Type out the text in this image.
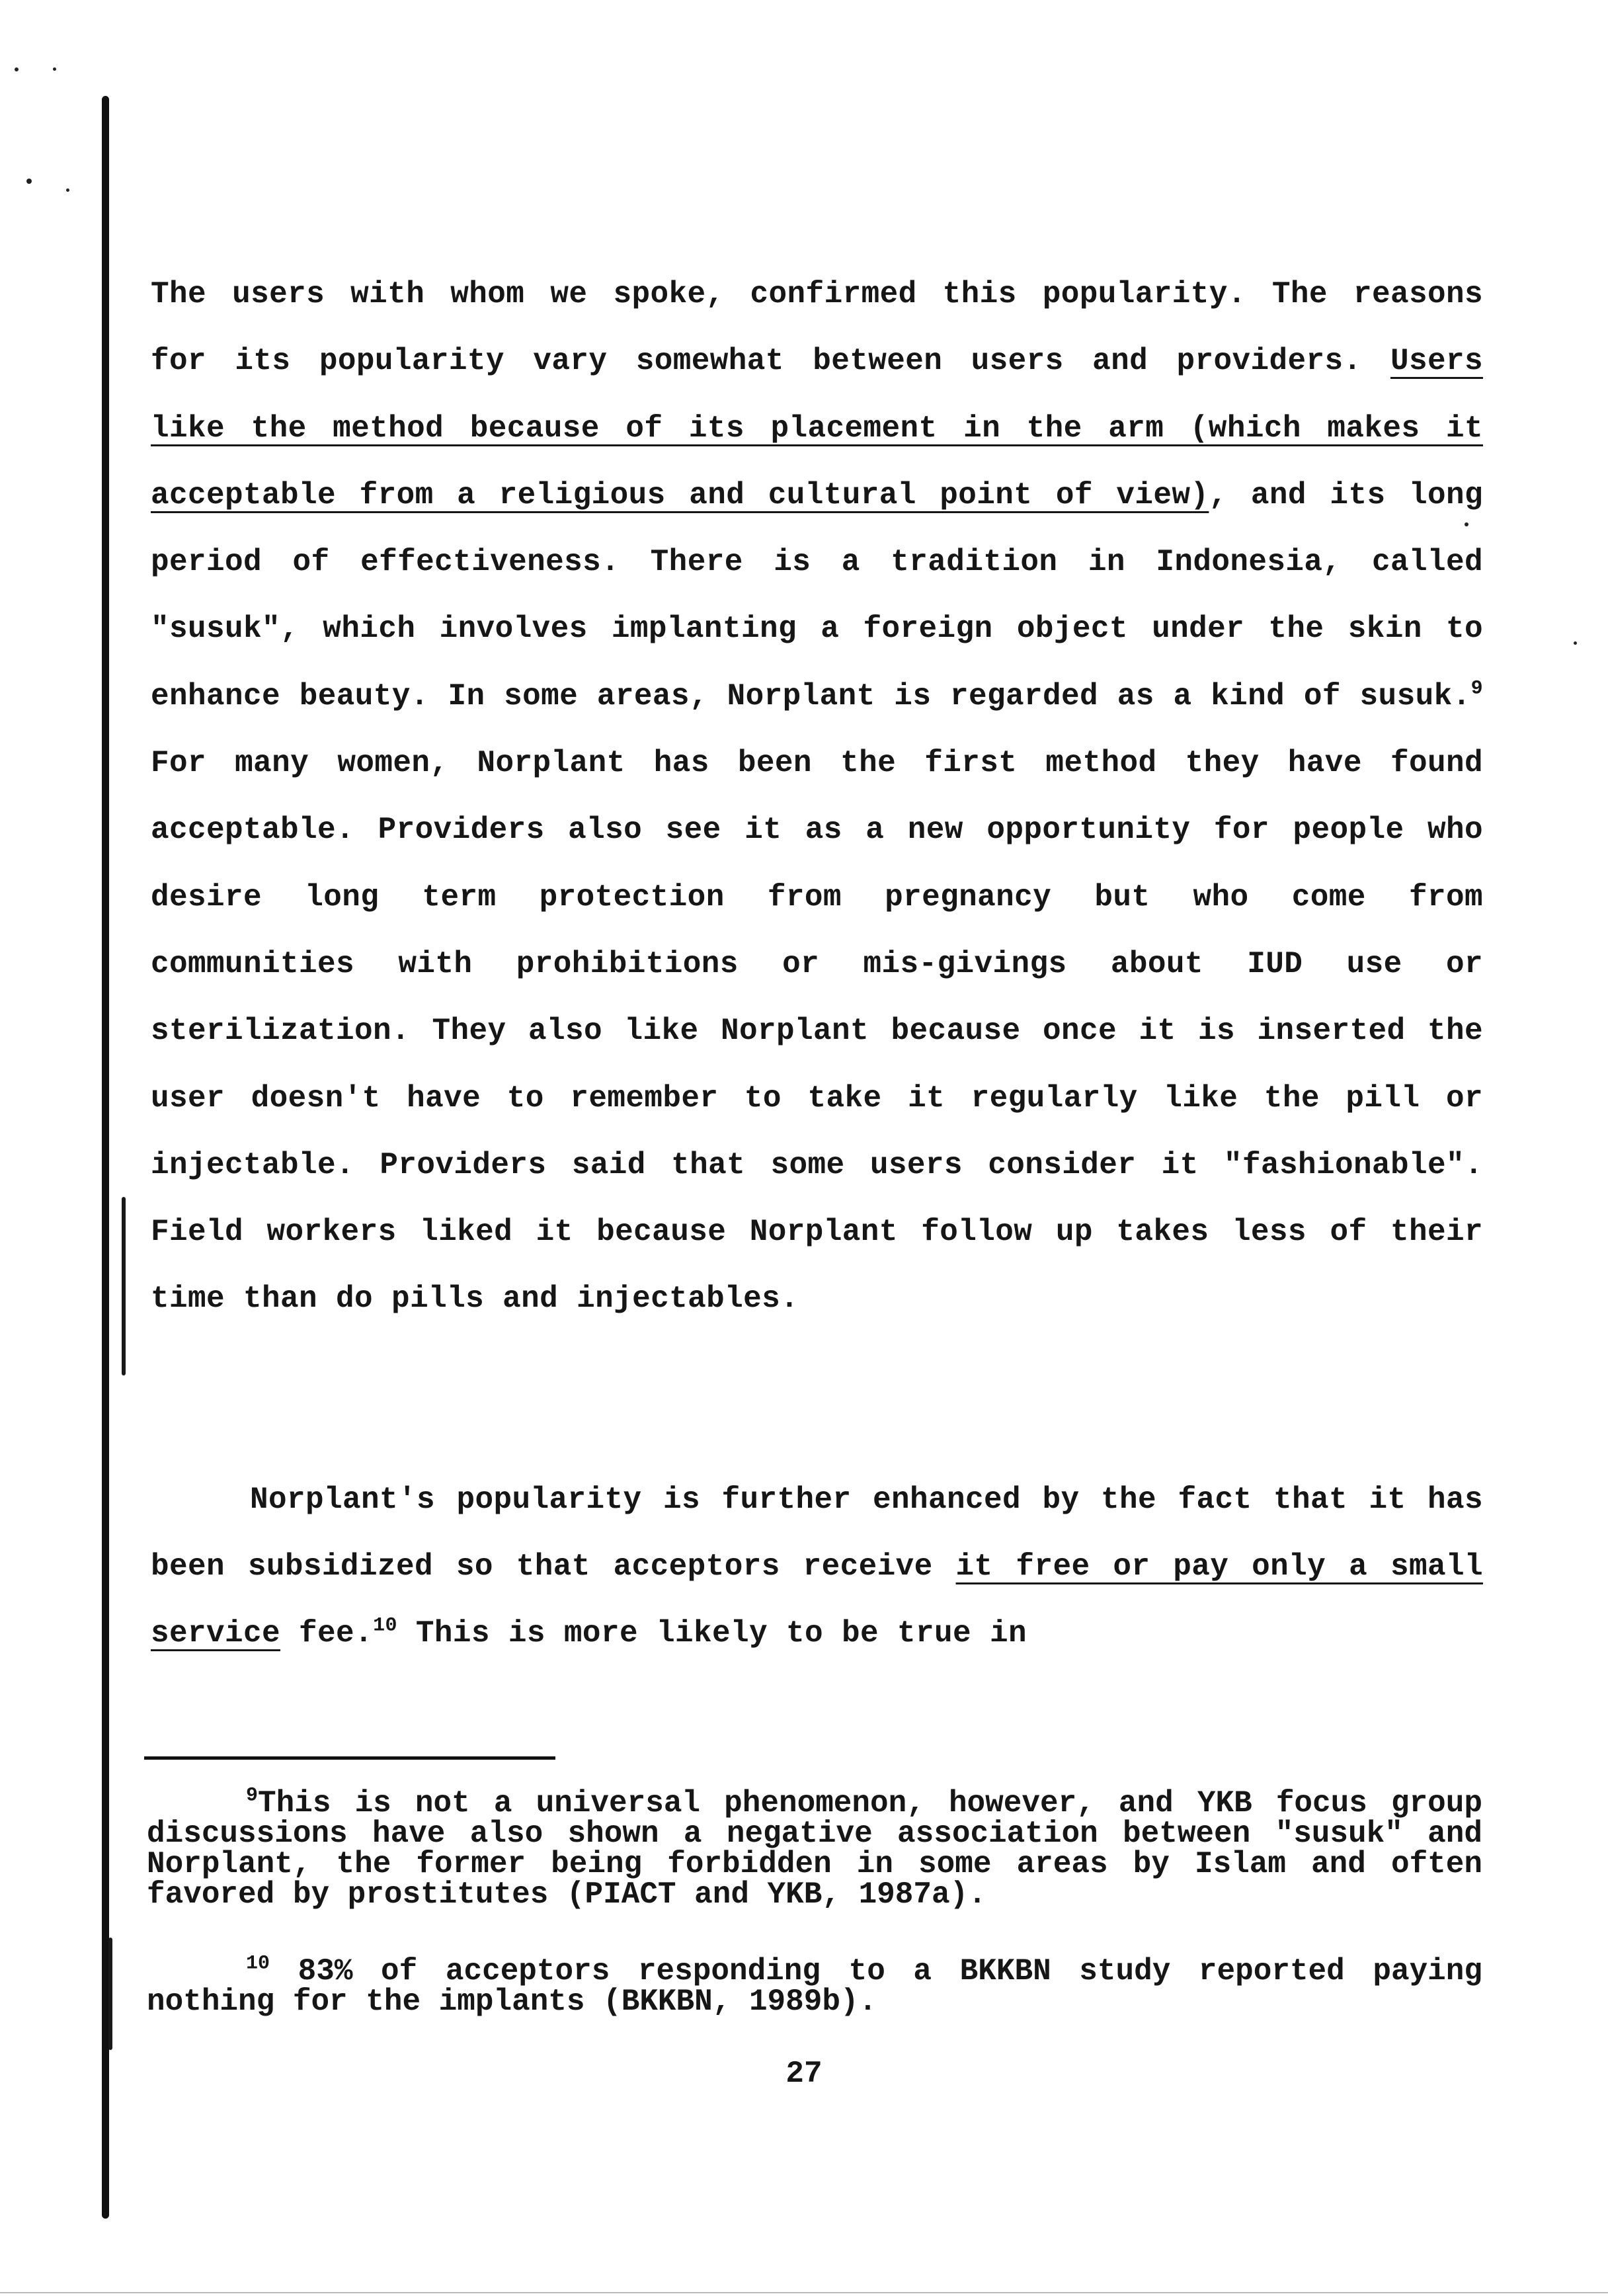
The users with whom we spoke, confirmed this popularity. The reasons for its popularity vary somewhat between users and providers. Users like the method because of its placement in the arm (which makes it acceptable from a religious and cultural point of view), and its long period of effectiveness. There is a tradition in Indonesia, called "susuk", which involves implanting a foreign object under the skin to enhance beauty. In some areas, Norplant is regarded as a kind of susuk.$^9$ For many women, Norplant has been the first method they have found acceptable. Providers also see it as a new opportunity for people who desire long term protection from pregnancy but who come from communities with prohibitions or mis-givings about IUD use or sterilization. They also like Norplant because once it is inserted the user doesn't have to remember to take it regularly like the pill or injectable. Providers said that some users consider it "fashionable". Field workers liked it because Norplant follow up takes less of their time than do pills and injectables.

Norplant's popularity is further enhanced by the fact that it has been subsidized so that acceptors receive it free or pay only a small service fee.$^{10}$ This is more likely to be true in

$^9$This is not a universal phenomenon, however, and YKB focus group discussions have also shown a negative association between "susuk" and Norplant, the former being forbidden in some areas by Islam and often favored by prostitutes (PIACT and YKB, 1987a).

$^{10}$ 83% of acceptors responding to a BKKBN study reported paying nothing for the implants (BKKBN, 1989b).

27
